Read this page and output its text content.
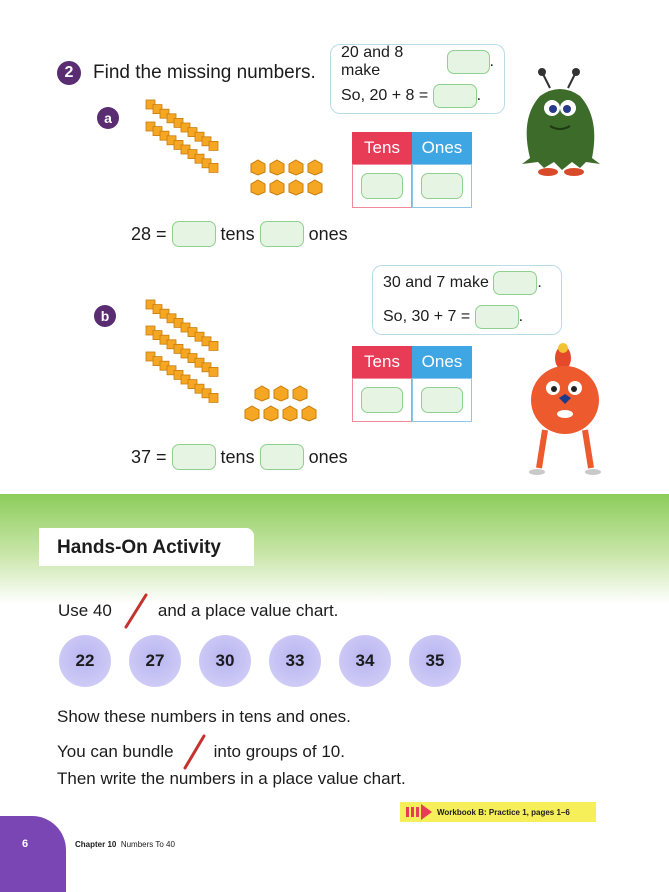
2	Find the missing numbers.
a
20 and 8 make

.
So, 20 + 8 =
	.
Tens	Ones
28 =	tens	ones
b
30 and 7 make
	.
So, 30 + 7 =
	.
Tens	Ones
37 =	tens	ones
Hands-On Activity
Use 40	and a place value chart.
22	27	30	33	34	35
Show these numbers in tens and ones.
You can bundle into groups of 10.
Then write the numbers in a place value chart.
Workbook B: Practice 1, pages 1–6
6	Chapter 10 Numbers To 40
